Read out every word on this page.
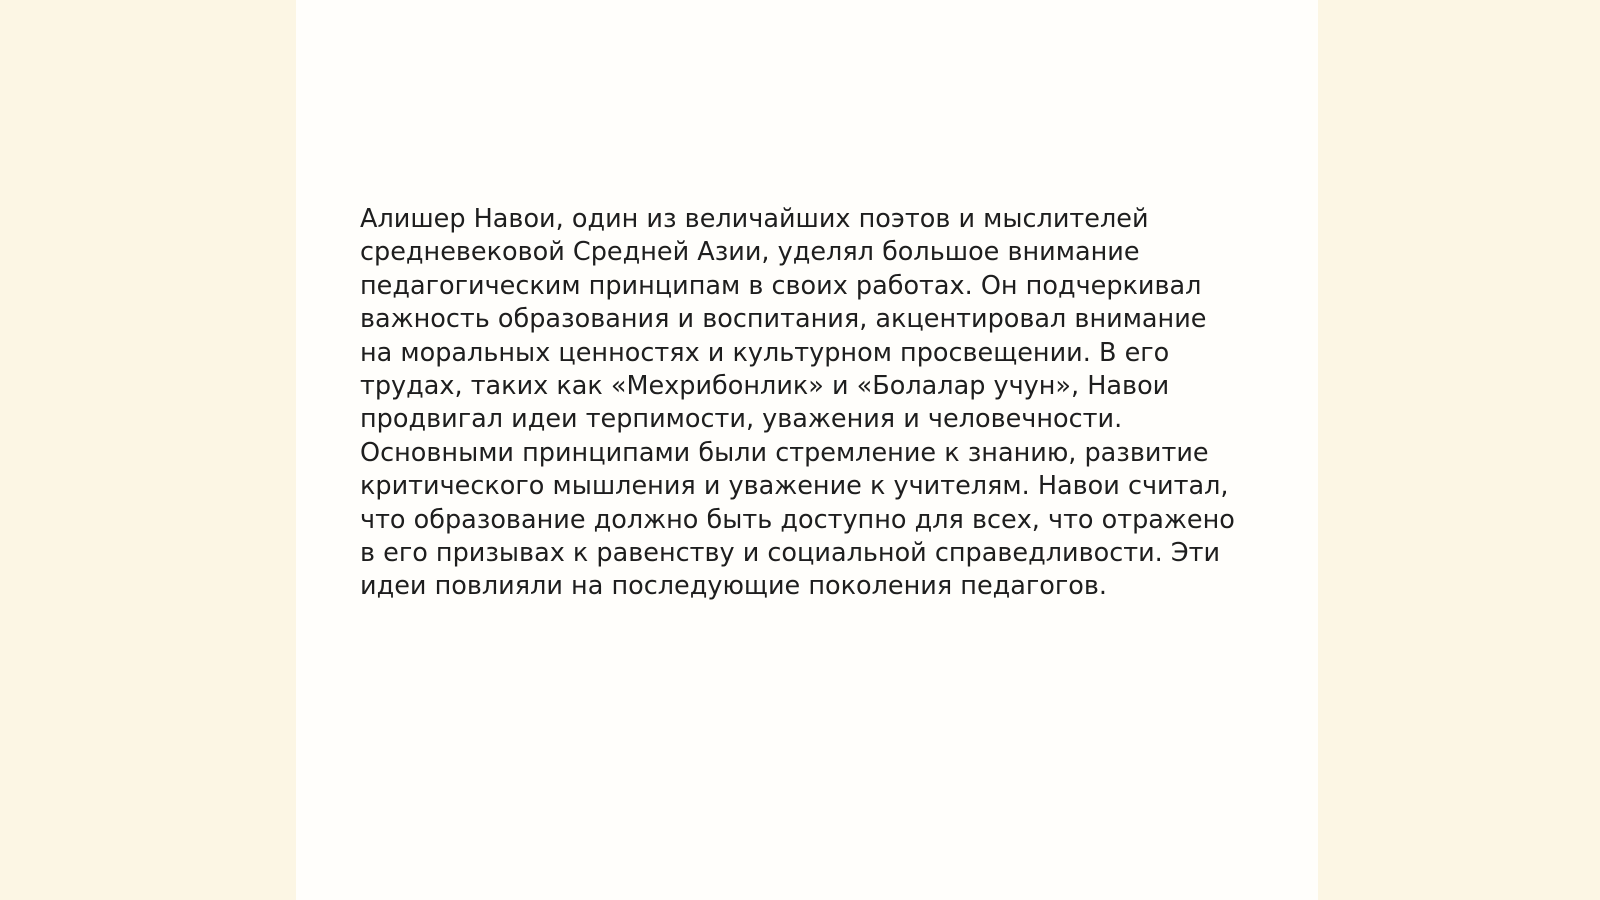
Алишер Навои, один из величайших поэтов и мыслителей
средневековой Средней Азии, уделял большое внимание
педагогическим принципам в своих работах. Он подчеркивал
важность образования и воспитания, акцентировал внимание
на моральных ценностях и культурном просвещении. В его
трудах, таких как «Мехрибонлик» и «Болалар учун», Навои
продвигал идеи терпимости, уважения и человечности.
Основными принципами были стремление к знанию, развитие
критического мышления и уважение к учителям. Навои считал,
что образование должно быть доступно для всех, что отражено
в его призывах к равенству и социальной справедливости. Эти
идеи повлияли на последующие поколения педагогов.
